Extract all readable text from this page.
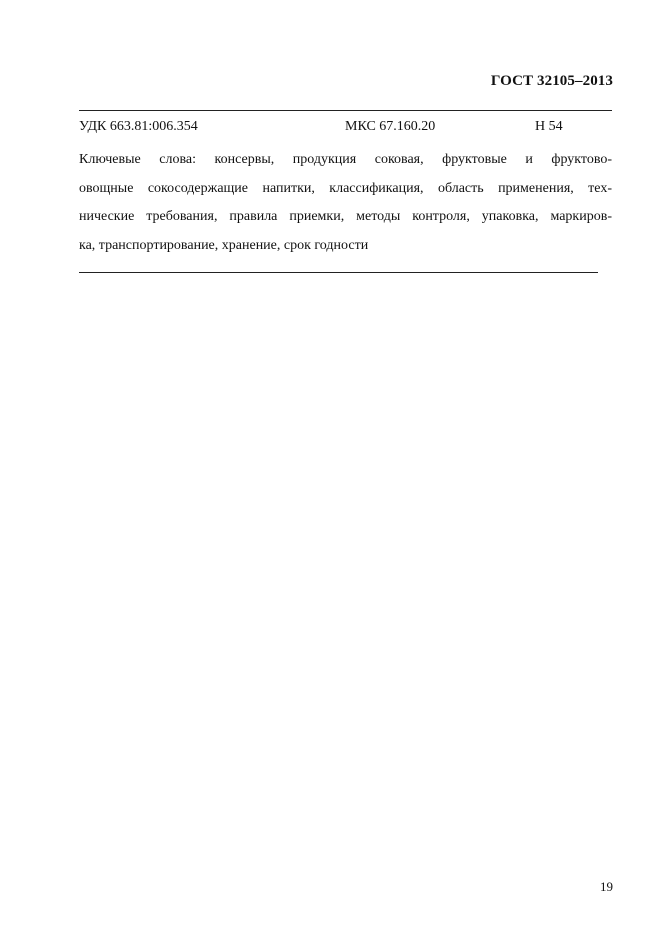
ГОСТ 32105–2013
УДК 663.81:006.354	МКС 67.160.20	Н 54
Ключевые слова: консервы, продукция соковая, фруктовые и фруктово-
овощные сокосодержащие напитки, классификация, область применения, тех-
нические требования, правила приемки, методы контроля, упаковка, маркиров-
ка, транспортирование, хранение, срок годности
19
